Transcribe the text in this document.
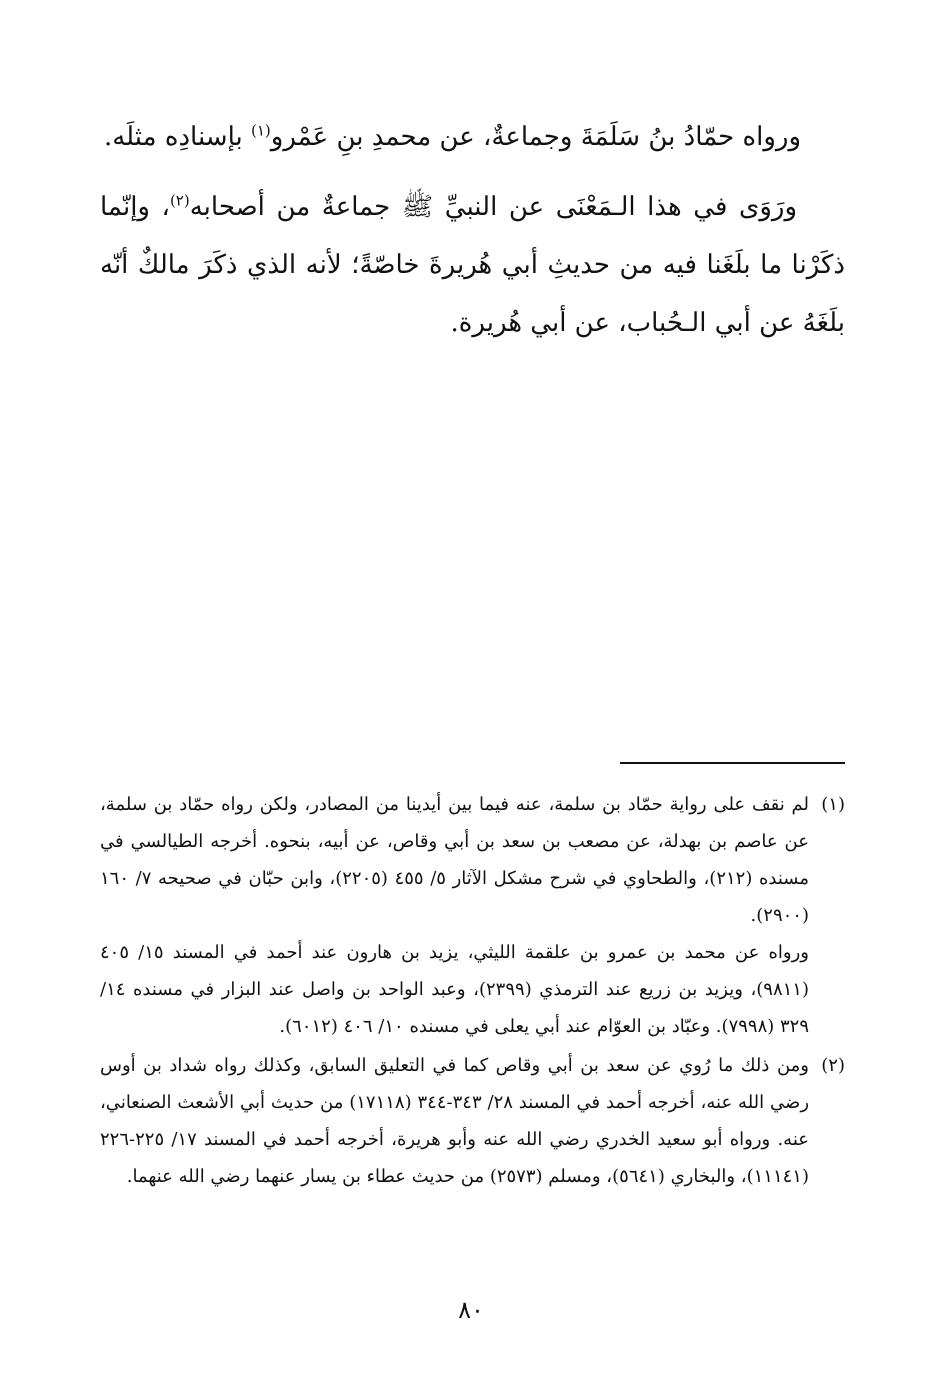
ورواه حمّادُ بنُ سَلَمَةَ وجماعةٌ، عن محمدِ بنِ عَمْرو$^{(١)}$ بإسنادِه مثلَه.

ورَوَى في هذا الـمَعْنَى عن النبيِّ ﷺ جماعةٌ من أصحابه$^{(٢)}$، وإنّما ذكَرْنا ما بلَغَنا فيه من حديثِ أبي هُريرةَ خاصّةً؛ لأنه الذي ذكَرَ مالكٌ أنّه بلَغَهُ عن أبي الـحُباب، عن أبي هُريرة.

(١)

لم نقف على رواية حمّاد بن سلمة، عنه فيما بين أيدينا من المصادر، ولكن رواه حمّاد بن سلمة، عن عاصم بن بهدلة، عن مصعب بن سعد بن أبي وقاص، عن أبيه، بنحوه. أخرجه الطيالسي في مسنده (٢١٢)، والطحاوي في شرح مشكل الآثار ٥/ ٤٥٥ (٢٢٠٥)، وابن حبّان في صحيحه ٧/ ١٦٠ (٢٩٠٠).

ورواه عن محمد بن عمرو بن علقمة الليثي، يزيد بن هارون عند أحمد في المسند ١٥/ ٤٠٥ (٩٨١١)، ويزيد بن زريع عند الترمذي (٢٣٩٩)، وعبد الواحد بن واصل عند البزار في مسنده ١٤/ ٣٢٩ (٧٩٩٨). وعبّاد بن العوّام عند أبي يعلى في مسنده ١٠/ ٤٠٦ (٦٠١٢).

(٢)

ومن ذلك ما رُوي عن سعد بن أبي وقاص كما في التعليق السابق، وكذلك رواه شداد بن أوس رضي الله عنه، أخرجه أحمد في المسند ٢٨/ ٣٤٣-٣٤٤ (١٧١١٨) من حديث أبي الأشعث الصنعاني، عنه. ورواه أبو سعيد الخدري رضي الله عنه وأبو هريرة، أخرجه أحمد في المسند ١٧/ ٢٢٥-٢٢٦ (١١١٤١)، والبخاري (٥٦٤١)، ومسلم (٢٥٧٣) من حديث عطاء بن يسار عنهما رضي الله عنهما.

٨٠
